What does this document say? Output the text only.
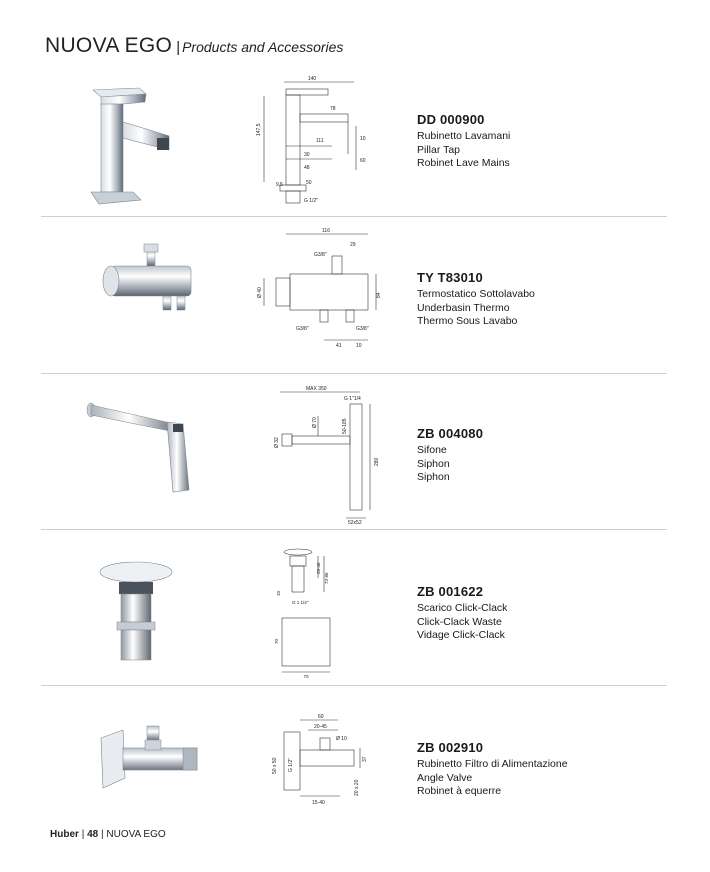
NUOVA EGO | Products and Accessories
140
147,5
78
111
30
48
9,5	50
10
60
G 1/2"
DD 000900
Rubinetto Lavamani
Pillar Tap
Robinet Lave Mains
116
29
G3/8"
Ø 40	84
G3/8"	G3/8"
41	10
TY T83010
Termostatico Sottolavabo
Underbasin Thermo
Thermo Sous Lavabo
MAX 350
G 1"1/4
Ø 32
Ø 70	50-185
280
52x52
ZB 004080
Sifone
Siphon
Siphon
28-46
73-86
G 1 1/4"
10
70
70
ZB 001622
Scarico Click-Clack
Click-Clack Waste
Vidage Click-Clack
60
20-45
Ø 10
50 x 50 G 1/2"	37
20 x 20
15-40
ZB 002910
Rubinetto Filtro di Alimentazione
Angle Valve
Robinet à equerre
Huber | 48 | NUOVA EGO
